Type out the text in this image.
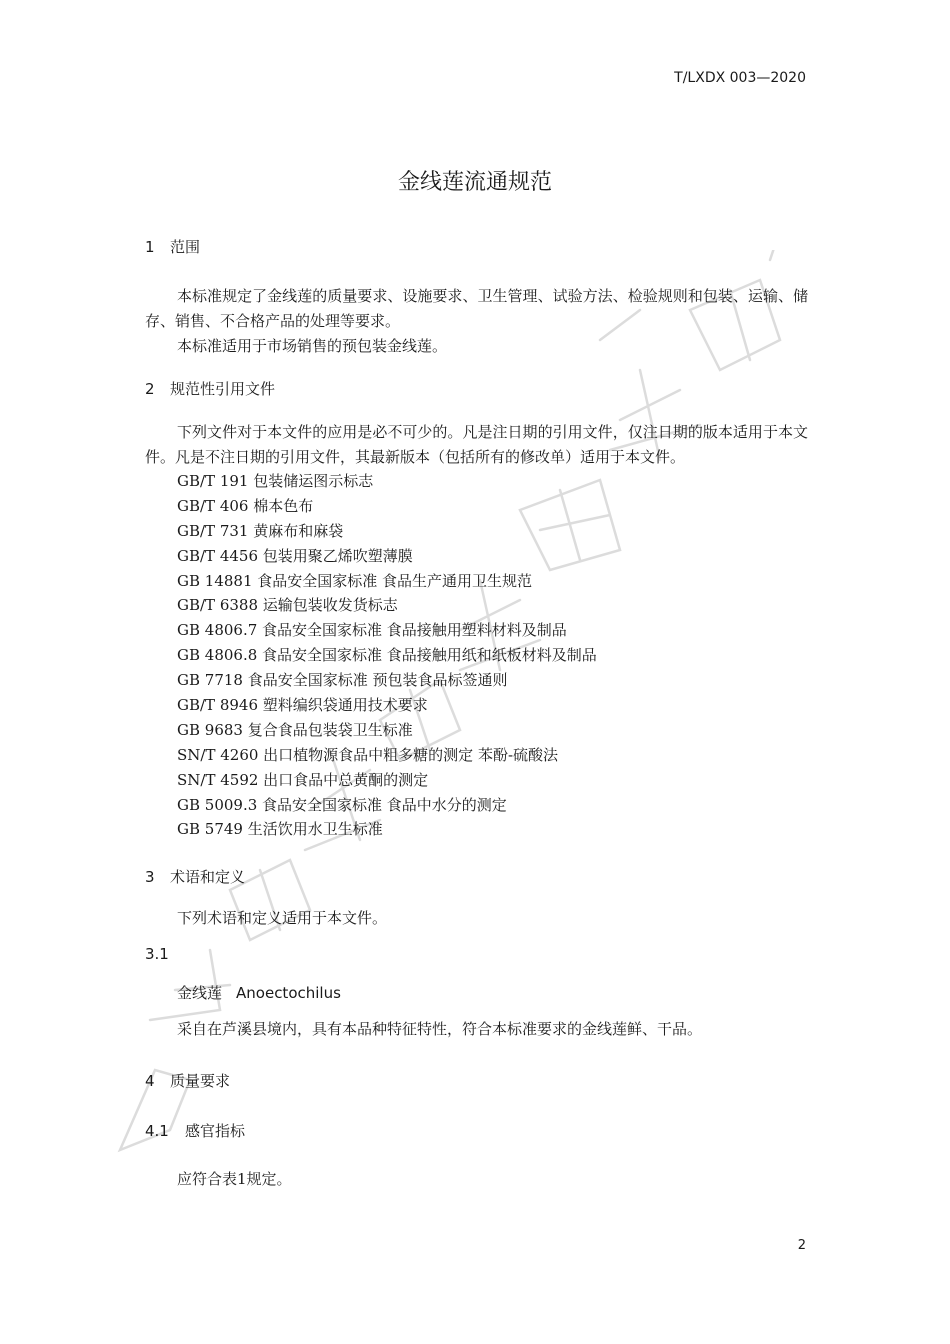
T/LXDX 003—2020
金线莲流通规范
1 范围
本标准规定了金线莲的质量要求、设施要求、卫生管理、试验方法、检验规则和包装、运输、储存、销售、不合格产品的处理等要求。
本标准适用于市场销售的预包装金线莲。
2 规范性引用文件
下列文件对于本文件的应用是必不可少的。凡是注日期的引用文件，仅注日期的版本适用于本文件。凡是不注日期的引用文件，其最新版本（包括所有的修改单）适用于本文件。
GB/T 191 包装储运图示标志
GB/T 406 棉本色布
GB/T 731 黄麻布和麻袋
GB/T 4456 包装用聚乙烯吹塑薄膜
GB 14881 食品安全国家标准 食品生产通用卫生规范
GB/T 6388 运输包装收发货标志
GB 4806.7 食品安全国家标准 食品接触用塑料材料及制品
GB 4806.8 食品安全国家标准 食品接触用纸和纸板材料及制品
GB 7718 食品安全国家标准 预包装食品标签通则
GB/T 8946 塑料编织袋通用技术要求
GB 9683 复合食品包装袋卫生标准
SN/T 4260 出口植物源食品中粗多糖的测定 苯酚-硫酸法
SN/T 4592 出口食品中总黄酮的测定
GB 5009.3 食品安全国家标准 食品中水分的测定
GB 5749 生活饮用水卫生标准
3 术语和定义
下列术语和定义适用于本文件。
3.1
金线莲 Anoectochilus
采自在芦溪县境内，具有本品种特征特性，符合本标准要求的金线莲鲜、干品。
4 质量要求
4.1 感官指标
应符合表1规定。
2
